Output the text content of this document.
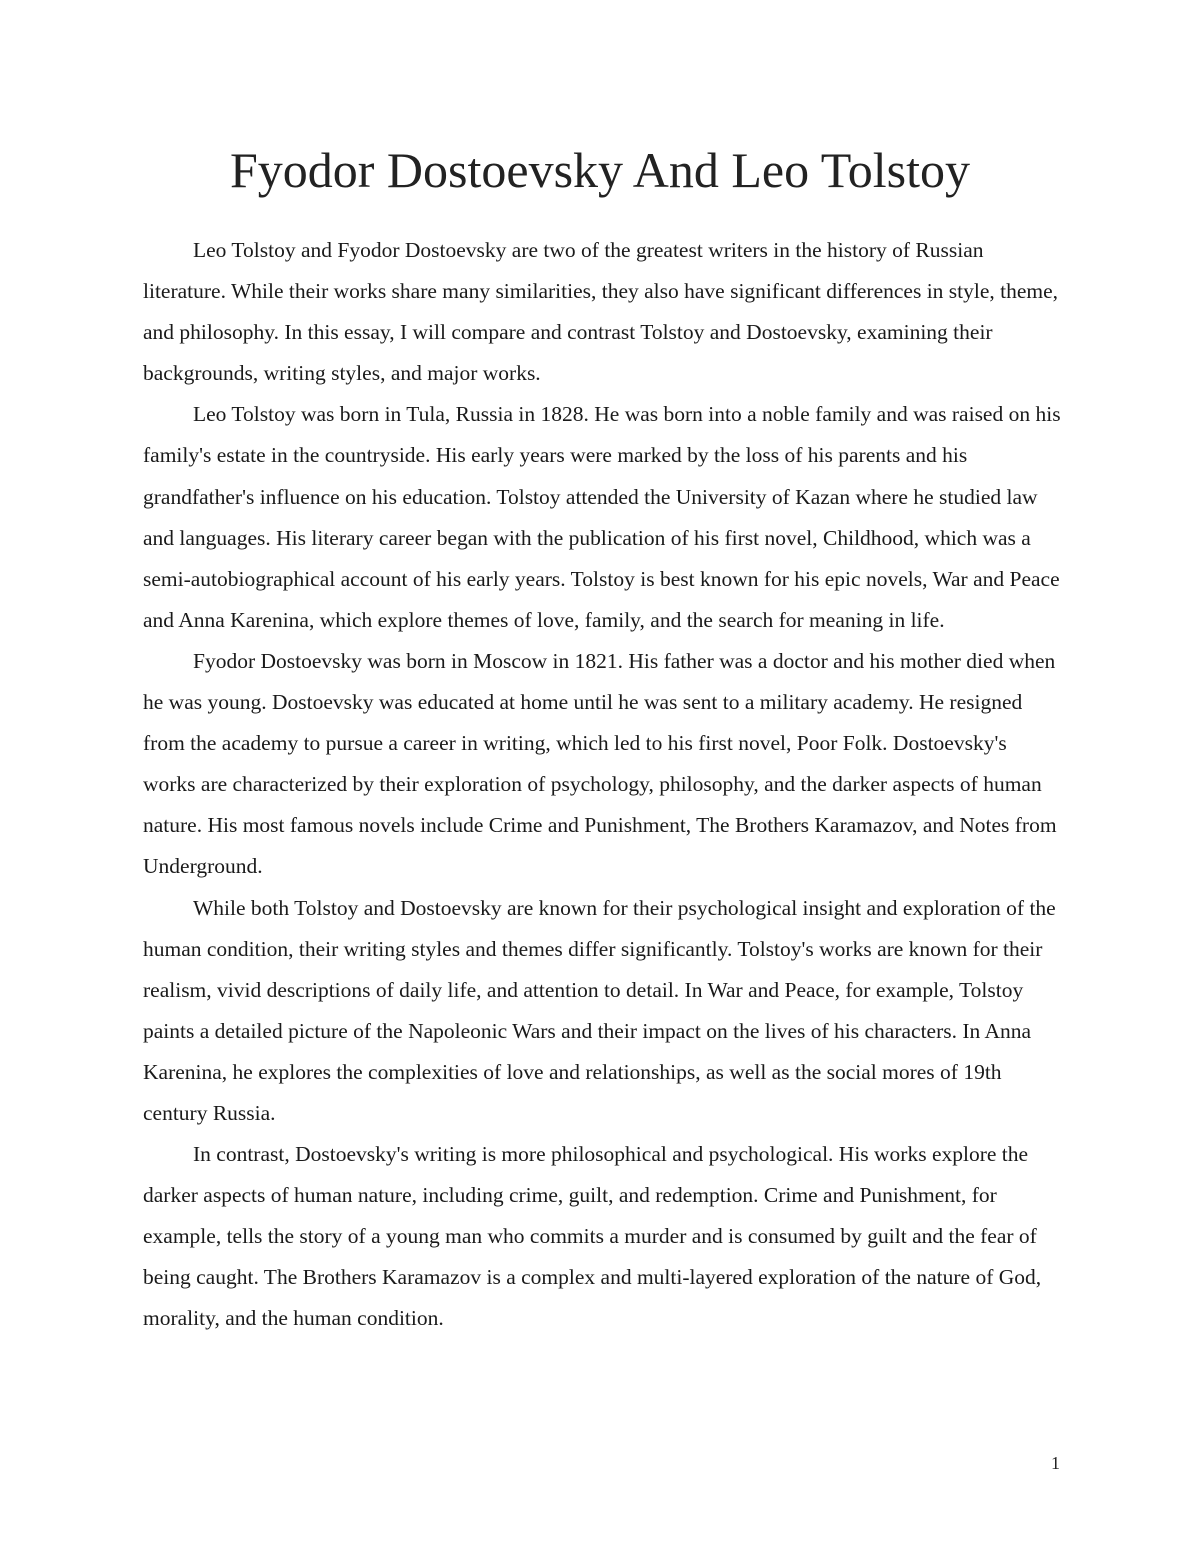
Fyodor Dostoevsky And Leo Tolstoy

Leo Tolstoy and Fyodor Dostoevsky are two of the greatest writers in the history of Russian literature. While their works share many similarities, they also have significant differences in style, theme, and philosophy. In this essay, I will compare and contrast Tolstoy and Dostoevsky, examining their backgrounds, writing styles, and major works.

Leo Tolstoy was born in Tula, Russia in 1828. He was born into a noble family and was raised on his family's estate in the countryside. His early years were marked by the loss of his parents and his grandfather's influence on his education. Tolstoy attended the University of Kazan where he studied law and languages. His literary career began with the publication of his first novel, Childhood, which was a semi-autobiographical account of his early years. Tolstoy is best known for his epic novels, War and Peace and Anna Karenina, which explore themes of love, family, and the search for meaning in life.

Fyodor Dostoevsky was born in Moscow in 1821. His father was a doctor and his mother died when he was young. Dostoevsky was educated at home until he was sent to a military academy. He resigned from the academy to pursue a career in writing, which led to his first novel, Poor Folk. Dostoevsky's works are characterized by their exploration of psychology, philosophy, and the darker aspects of human nature. His most famous novels include Crime and Punishment, The Brothers Karamazov, and Notes from Underground.

While both Tolstoy and Dostoevsky are known for their psychological insight and exploration of the human condition, their writing styles and themes differ significantly. Tolstoy's works are known for their realism, vivid descriptions of daily life, and attention to detail. In War and Peace, for example, Tolstoy paints a detailed picture of the Napoleonic Wars and their impact on the lives of his characters. In Anna Karenina, he explores the complexities of love and relationships, as well as the social mores of 19th century Russia.

In contrast, Dostoevsky's writing is more philosophical and psychological. His works explore the darker aspects of human nature, including crime, guilt, and redemption. Crime and Punishment, for example, tells the story of a young man who commits a murder and is consumed by guilt and the fear of being caught. The Brothers Karamazov is a complex and multi-layered exploration of the nature of God, morality, and the human condition.

1
